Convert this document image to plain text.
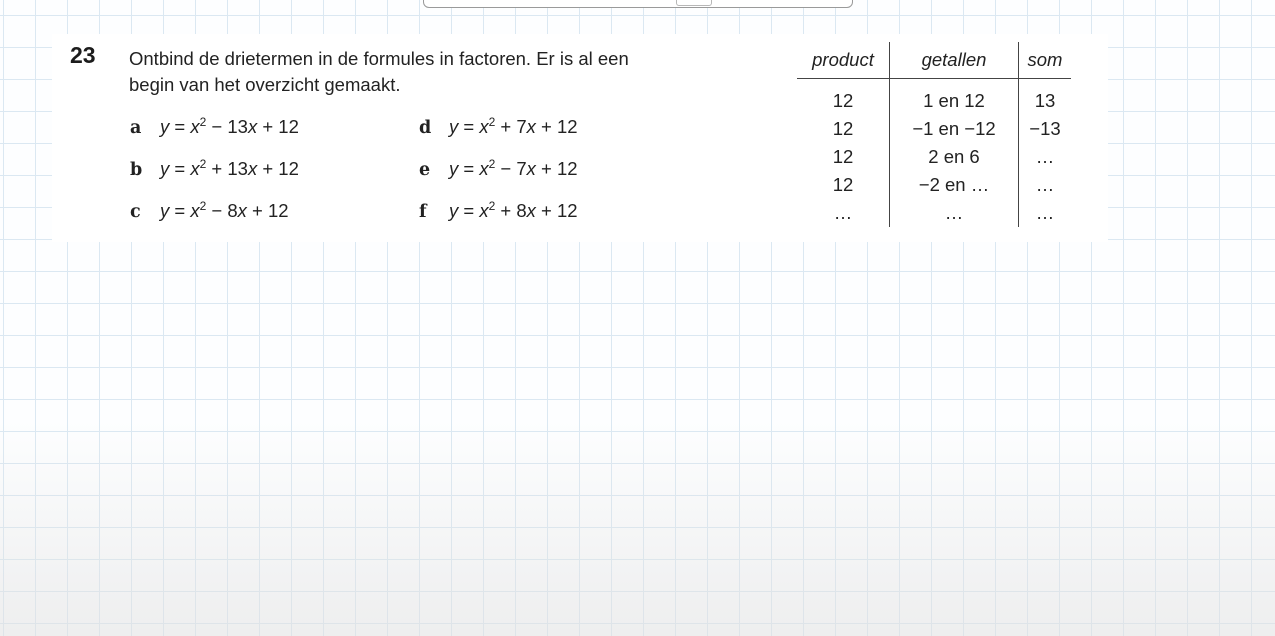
23 Ontbind de drietermen in de formules in factoren. Er is al een
begin van het overzicht gemaakt.
a $y = x^2 - 13x + 12$
b $y = x^2 + 13x + 12$
c $y = x^2 - 8x + 12$
d $y = x^2 + 7x + 12$
e $y = x^2 - 7x + 12$
f $y = x^2 + 8x + 12$
product	getallen	som
12	1 en 12	13
12	−1 en −12	−13
12	2 en 6	…
12	−2 en …	…
…	…	…
